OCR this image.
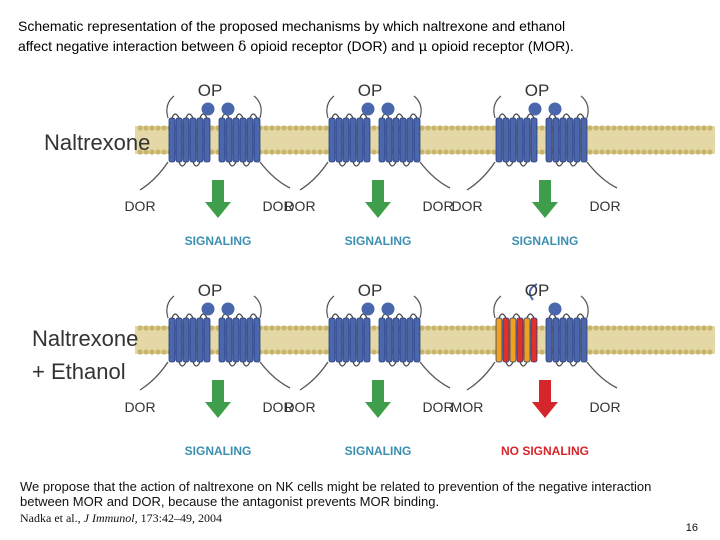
Schematic representation of the proposed mechanisms by which naltrexone and ethanol
affect negative interaction between δ opioid receptor (DOR) and μ opioid receptor (MOR).
Naltrexone
OP
DOR	DOR
SIGNALING
OP
DOR	DOR
SIGNALING
OP
DOR	DOR
SIGNALING
Naltrexone
+ Ethanol
OP
DOR	DOR
SIGNALING
OP
DOR	DOR
SIGNALING
OP
MOR	DOR
NO SIGNALING
We propose that the action of naltrexone on NK cells might be related to prevention of the negative interaction between MOR and DOR, because the antagonist prevents MOR binding.
Nadka et al., J Immunol, 173:42–49, 2004
16
